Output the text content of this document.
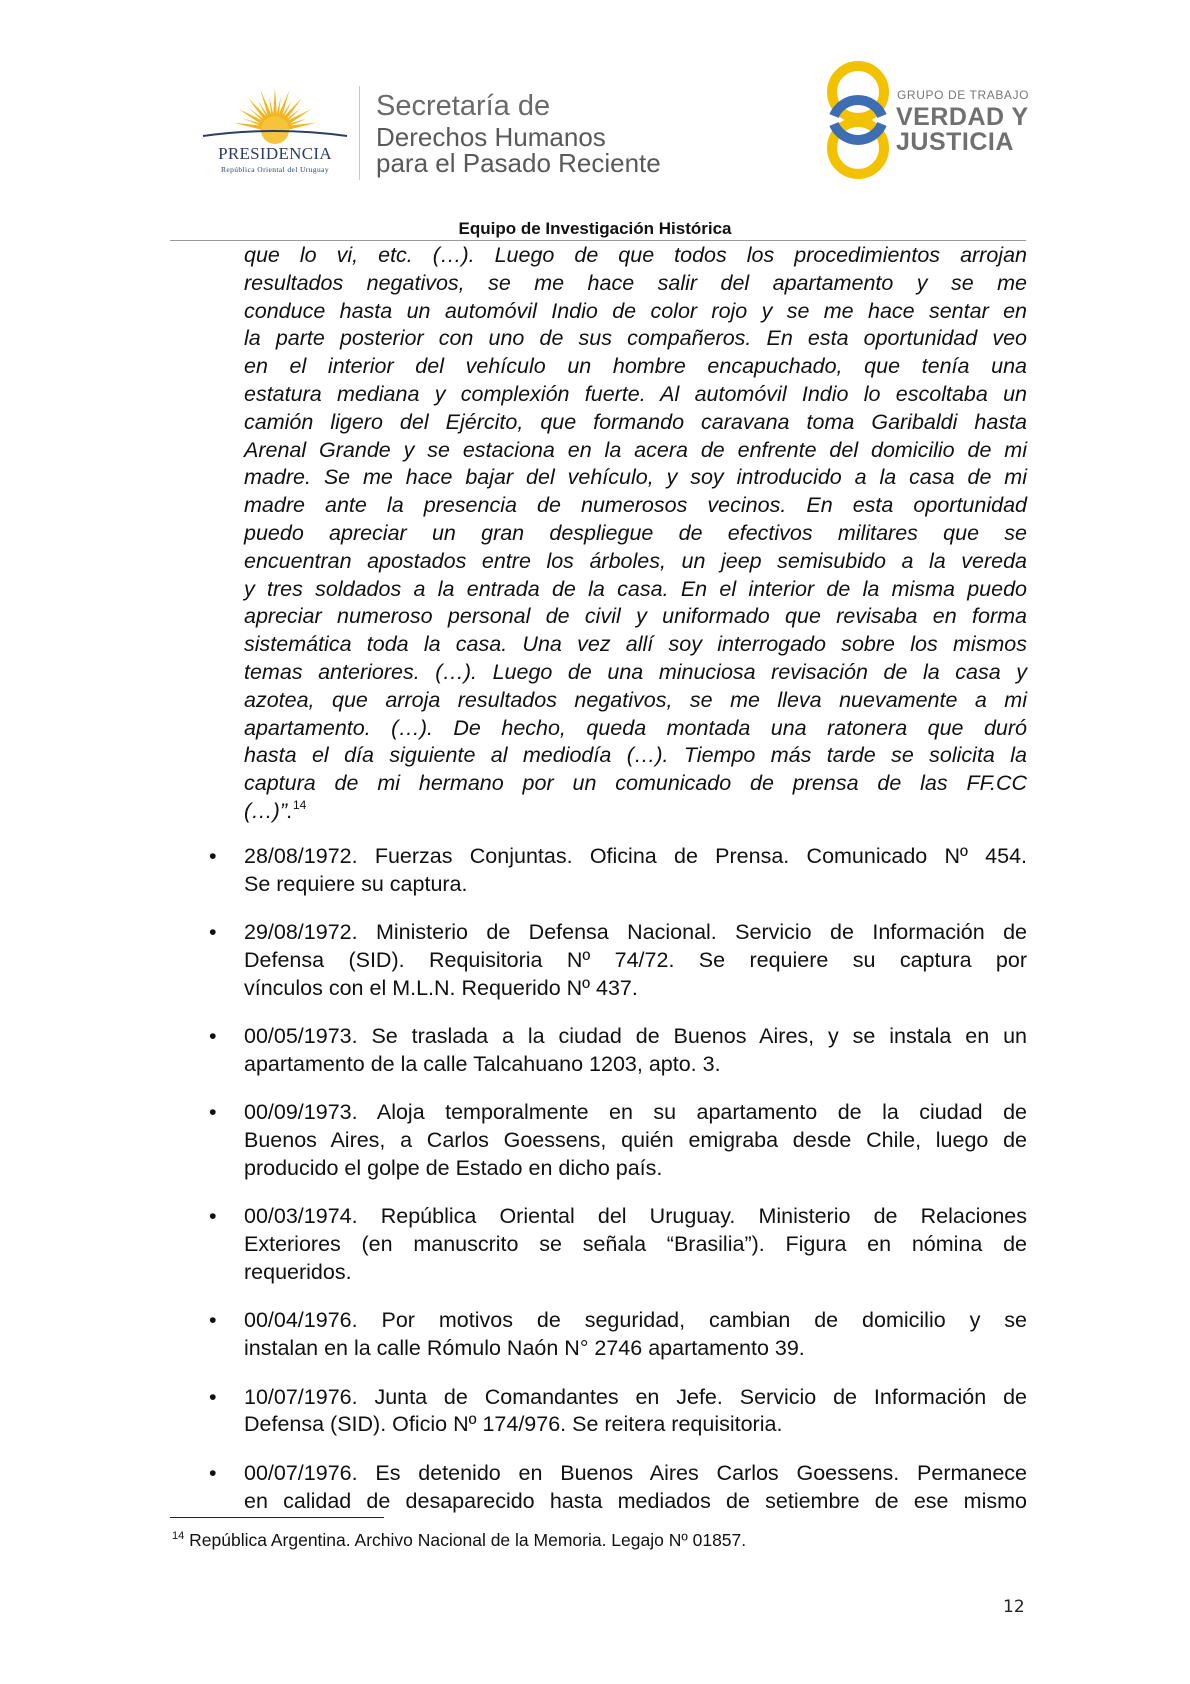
PRESIDENCIA
República Oriental del Uruguay
Secretaría de
Derechos Humanos
para el Pasado Reciente
GRUPO DE TRABAJO
VERDAD Y
JUSTICIA
Equipo de Investigación Histórica
que lo vi, etc. (…). Luego de que todos los procedimientos arrojan
resultados negativos, se me hace salir del apartamento y se me
conduce hasta un automóvil Indio de color rojo y se me hace sentar en
la parte posterior con uno de sus compañeros. En esta oportunidad veo
en el interior del vehículo un hombre encapuchado, que tenía una
estatura mediana y complexión fuerte. Al automóvil Indio lo escoltaba un
camión ligero del Ejército, que formando caravana toma Garibaldi hasta
Arenal Grande y se estaciona en la acera de enfrente del domicilio de mi
madre. Se me hace bajar del vehículo, y soy introducido a la casa de mi
madre ante la presencia de numerosos vecinos. En esta oportunidad
puedo apreciar un gran despliegue de efectivos militares que se
encuentran apostados entre los árboles, un jeep semisubido a la vereda
y tres soldados a la entrada de la casa. En el interior de la misma puedo
apreciar numeroso personal de civil y uniformado que revisaba en forma
sistemática toda la casa. Una vez allí soy interrogado sobre los mismos
temas anteriores. (…). Luego de una minuciosa revisación de la casa y
azotea, que arroja resultados negativos, se me lleva nuevamente a mi
apartamento. (…). De hecho, queda montada una ratonera que duró
hasta el día siguiente al mediodía (…). Tiempo más tarde se solicita la
captura de mi hermano por un comunicado de prensa de las FF.CC
(…)”.$^{14}$
• 28/08/1972. Fuerzas Conjuntas. Oficina de Prensa. Comunicado Nº 454.
Se requiere su captura.
• 29/08/1972. Ministerio de Defensa Nacional. Servicio de Información de
Defensa (SID). Requisitoria Nº 74/72. Se requiere su captura por
vínculos con el M.L.N. Requerido Nº 437.
• 00/05/1973. Se traslada a la ciudad de Buenos Aires, y se instala en un
apartamento de la calle Talcahuano 1203, apto. 3.
• 00/09/1973. Aloja temporalmente en su apartamento de la ciudad de
Buenos Aires, a Carlos Goessens, quién emigraba desde Chile, luego de
producido el golpe de Estado en dicho país.
• 00/03/1974. República Oriental del Uruguay. Ministerio de Relaciones
Exteriores (en manuscrito se señala “Brasilia”). Figura en nómina de
requeridos.
• 00/04/1976. Por motivos de seguridad, cambian de domicilio y se
instalan en la calle Rómulo Naón N° 2746 apartamento 39.
• 10/07/1976. Junta de Comandantes en Jefe. Servicio de Información de
Defensa (SID). Oficio Nº 174/976. Se reitera requisitoria.
• 00/07/1976. Es detenido en Buenos Aires Carlos Goessens. Permanece
en calidad de desaparecido hasta mediados de setiembre de ese mismo
$^{14}$ República Argentina. Archivo Nacional de la Memoria. Legajo Nº 01857.
12
